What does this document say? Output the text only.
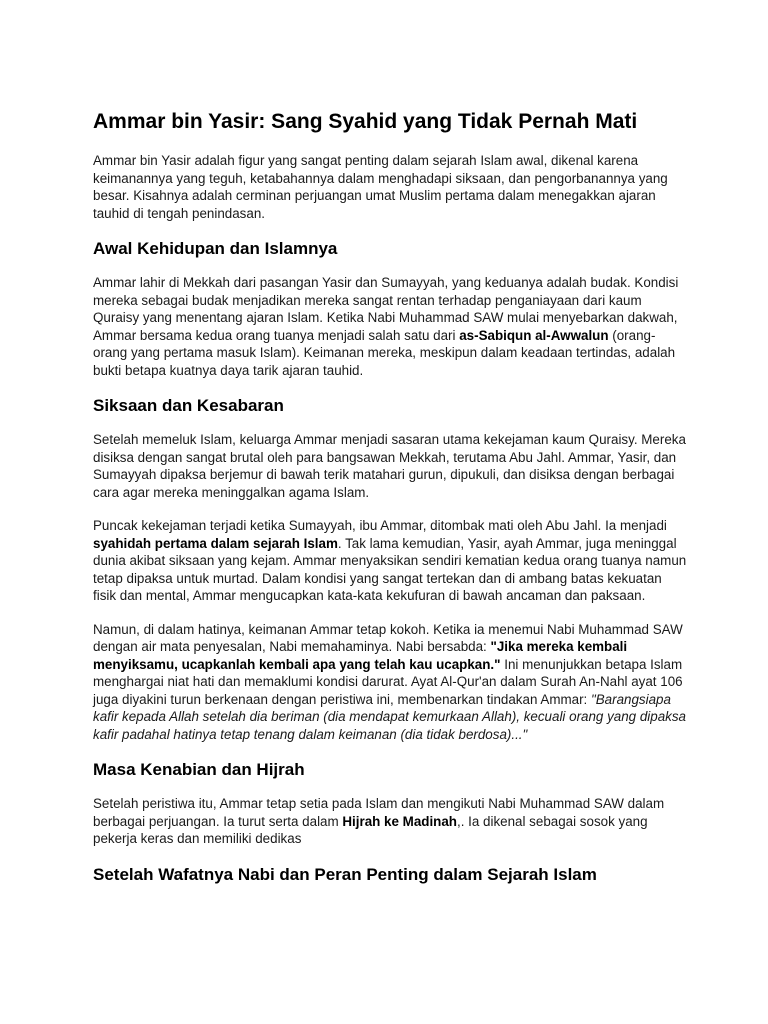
Ammar bin Yasir: Sang Syahid yang Tidak Pernah Mati

Ammar bin Yasir adalah figur yang sangat penting dalam sejarah Islam awal, dikenal karena keimanannya yang teguh, ketabahannya dalam menghadapi siksaan, dan pengorbanannya yang besar. Kisahnya adalah cerminan perjuangan umat Muslim pertama dalam menegakkan ajaran tauhid di tengah penindasan.

Awal Kehidupan dan Islamnya

Ammar lahir di Mekkah dari pasangan Yasir dan Sumayyah, yang keduanya adalah budak. Kondisi mereka sebagai budak menjadikan mereka sangat rentan terhadap penganiayaan dari kaum Quraisy yang menentang ajaran Islam. Ketika Nabi Muhammad SAW mulai menyebarkan dakwah, Ammar bersama kedua orang tuanya menjadi salah satu dari as-Sabiqun al-Awwalun (orang-orang yang pertama masuk Islam). Keimanan mereka, meskipun dalam keadaan tertindas, adalah bukti betapa kuatnya daya tarik ajaran tauhid.

Siksaan dan Kesabaran

Setelah memeluk Islam, keluarga Ammar menjadi sasaran utama kekejaman kaum Quraisy. Mereka disiksa dengan sangat brutal oleh para bangsawan Mekkah, terutama Abu Jahl. Ammar, Yasir, dan Sumayyah dipaksa berjemur di bawah terik matahari gurun, dipukuli, dan disiksa dengan berbagai cara agar mereka meninggalkan agama Islam.

Puncak kekejaman terjadi ketika Sumayyah, ibu Ammar, ditombak mati oleh Abu Jahl. Ia menjadi syahidah pertama dalam sejarah Islam. Tak lama kemudian, Yasir, ayah Ammar, juga meninggal dunia akibat siksaan yang kejam. Ammar menyaksikan sendiri kematian kedua orang tuanya namun tetap dipaksa untuk murtad. Dalam kondisi yang sangat tertekan dan di ambang batas kekuatan fisik dan mental, Ammar mengucapkan kata-kata kekufuran di bawah ancaman dan paksaan.

Namun, di dalam hatinya, keimanan Ammar tetap kokoh. Ketika ia menemui Nabi Muhammad SAW dengan air mata penyesalan, Nabi memahaminya. Nabi bersabda: "Jika mereka kembali menyiksamu, ucapkanlah kembali apa yang telah kau ucapkan." Ini menunjukkan betapa Islam menghargai niat hati dan memaklumi kondisi darurat. Ayat Al-Qur'an dalam Surah An-Nahl ayat 106 juga diyakini turun berkenaan dengan peristiwa ini, membenarkan tindakan Ammar: "Barangsiapa kafir kepada Allah setelah dia beriman (dia mendapat kemurkaan Allah), kecuali orang yang dipaksa kafir padahal hatinya tetap tenang dalam keimanan (dia tidak berdosa)..."

Masa Kenabian dan Hijrah

Setelah peristiwa itu, Ammar tetap setia pada Islam dan mengikuti Nabi Muhammad SAW dalam berbagai perjuangan. Ia turut serta dalam Hijrah ke Madinah,. Ia dikenal sebagai sosok yang pekerja keras dan memiliki dedikas

Setelah Wafatnya Nabi dan Peran Penting dalam Sejarah Islam
